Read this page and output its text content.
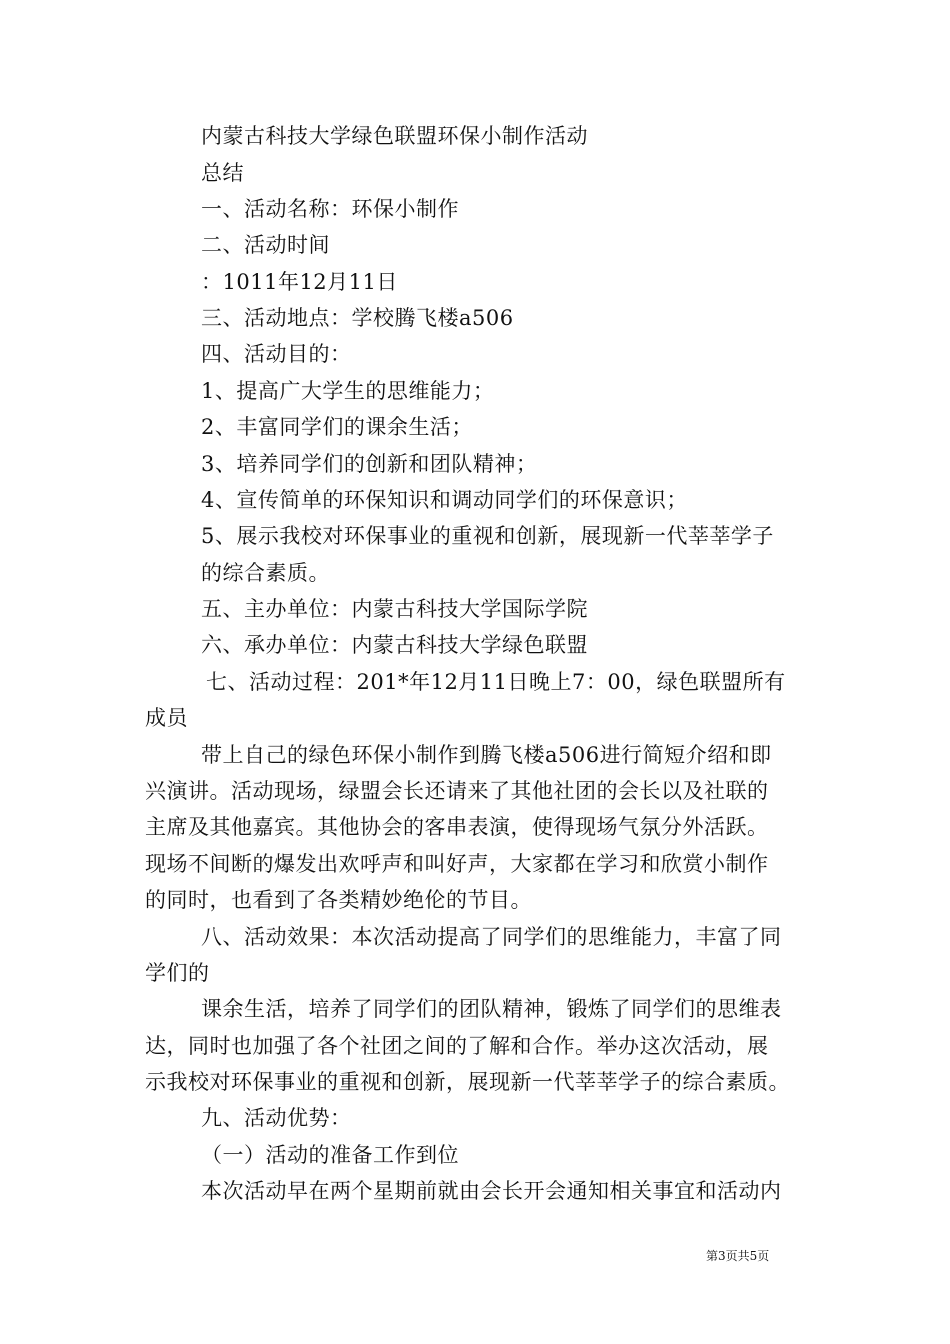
内蒙古科技大学绿色联盟环保小制作活动
总结
一、活动名称：环保小制作
二、活动时间
：1011年12月11日
三、活动地点：学校腾飞楼a506
四、活动目的：
1、提高广大学生的思维能力；
2、丰富同学们的课余生活；
3、培养同学们的创新和团队精神；
4、宣传简单的环保知识和调动同学们的环保意识；
5、展示我校对环保事业的重视和创新，展现新一代莘莘学子
的综合素质。
五、主办单位：内蒙古科技大学国际学院
六、承办单位：内蒙古科技大学绿色联盟
七、活动过程：201*年12月11日晚上7：00，绿色联盟所有
成员
带上自己的绿色环保小制作到腾飞楼a506进行简短介绍和即
兴演讲。活动现场，绿盟会长还请来了其他社团的会长以及社联的
主席及其他嘉宾。其他协会的客串表演，使得现场气氛分外活跃。
现场不间断的爆发出欢呼声和叫好声，大家都在学习和欣赏小制作
的同时，也看到了各类精妙绝伦的节目。
八、活动效果：本次活动提高了同学们的思维能力，丰富了同
学们的
课余生活，培养了同学们的团队精神，锻炼了同学们的思维表
达，同时也加强了各个社团之间的了解和合作。举办这次活动，展
示我校对环保事业的重视和创新，展现新一代莘莘学子的综合素质。
九、活动优势：
（一）活动的准备工作到位
本次活动早在两个星期前就由会长开会通知相关事宜和活动内
第3页共5页
